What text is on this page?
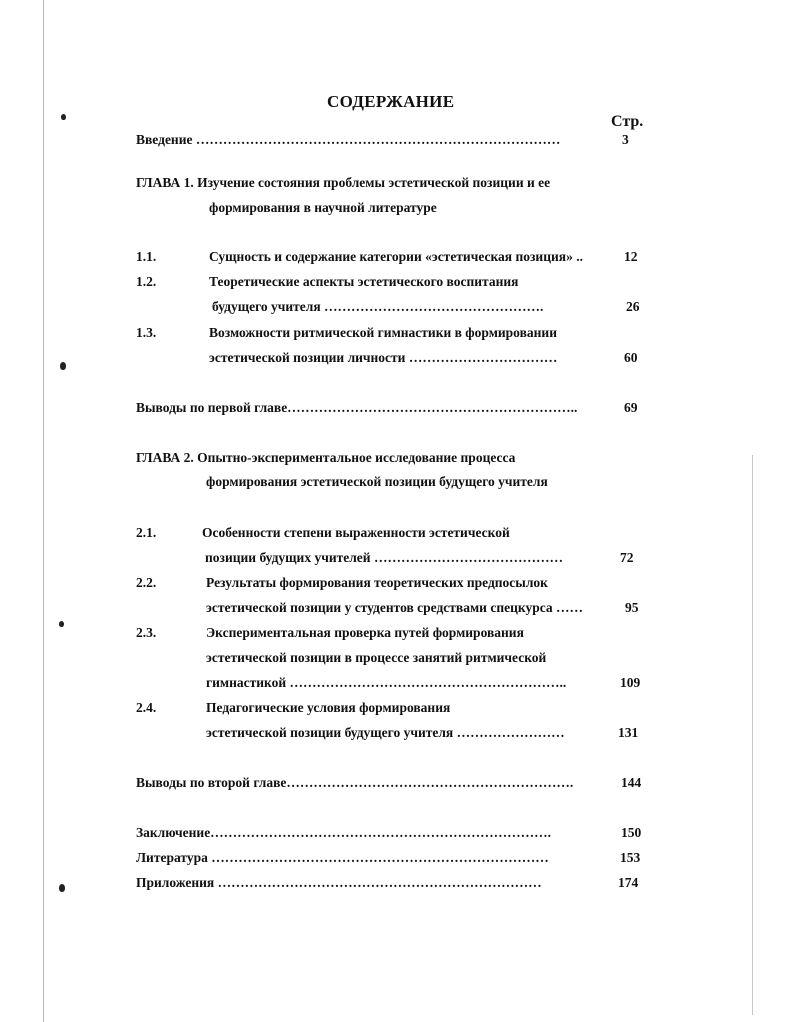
СОДЕРЖАНИЕ
Стр.
Введение ………………………………………………………………………	3
ГЛАВА 1. Изучение состояния проблемы эстетической позиции и ее
формирования в научной литературе
1.1.	Сущность и содержание категории «эстетическая позиция» ..	12
1.2.	Теоретические аспекты эстетического воспитания
будущего учителя ………………………………………….	26
1.3.	Возможности ритмической гимнастики в формировании
эстетической позиции личности ……………………………	60
Выводы по первой главе………………………………………………………..	69
ГЛАВА 2. Опытно-экспериментальное исследование процесса
формирования эстетической позиции будущего учителя
2.1.	Особенности степени выраженности эстетической
позиции будущих учителей ……………………………………	72
2.2.	Результаты формирования теоретических предпосылок
эстетической позиции у студентов средствами спецкурса ……	95
2.3.	Экспериментальная проверка путей формирования
эстетической позиции в процессе занятий ритмической
гимнастикой ……………………………………………………..	109
2.4.	Педагогические условия формирования
эстетической позиции будущего учителя ……………………	131
Выводы по второй главе……………………………………………………….	144
Заключение………………………………………………………………….	150
Литература …………………………………………………………………	153
Приложения ………………………………………………………………	174
